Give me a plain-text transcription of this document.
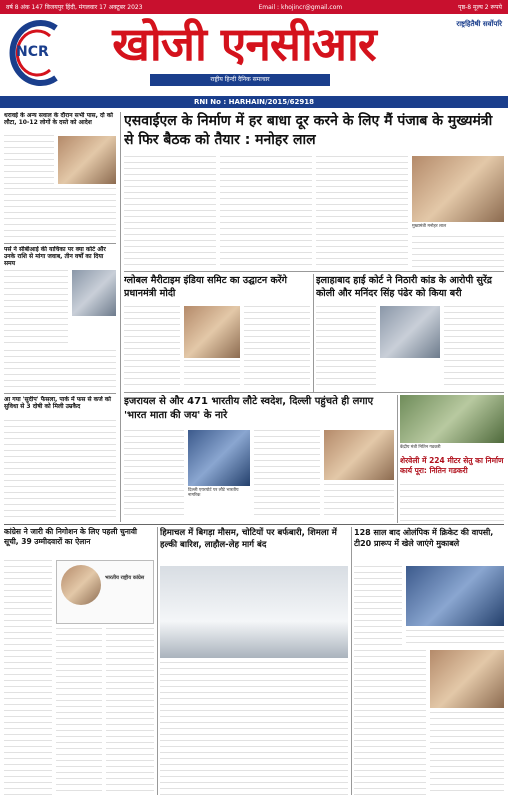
वर्ष 8 अंक 147 विजयपुर हिंदी, मंगलवार 17 अक्टूबर 2023	Email : khojincr@gmail.com	पृष्ठ-8 मूल्य 2 रूपये
NCR	खोजी एनसीआर	राष्ट्रहितैषी सर्वोपरि
राष्ट्रीय हिन्दी दैनिक समाचार
RNI No : HARHAIN/2015/62918
धरावई के अन्य सवाल के दौरान सभी पास, दो को लौटा, 10-12 लोगों के दस्ते को आदेश
पर्स ने सीबीआई की याचिका पर क्या कोर्ट और उनके राशि से मांगा जवाब, तीन वर्षों का दिया समय
आ गया 'सुदीप' फैसला, पार्क में फस से कर्ज को सुविधा से 3 दोषी को मिली उम्रकैद
एसवाईएल के निर्माण में हर बाधा दूर करने के लिए मैं पंजाब के मुख्यमंत्री से फिर बैठक को तैयार : मनोहर लाल
मुख्यमंत्री मनोहर लाल
ग्लोबल मैरीटाइम इंडिया समिट का उद्घाटन करेंगे प्रधानमंत्री मोदी
इलाहाबाद हाई कोर्ट ने निठारी कांड के आरोपी सुरेंद्र कोली और मनिंदर सिंह पंढेर को किया बरी
इजरायल से और 471 भारतीय लौटे स्वदेश, दिल्ली पहुंचते ही लगाए 'भारत माता की जय' के नारे
दिल्ली एयरपोर्ट पर लौटे भारतीय नागरिक
केंद्रीय मंत्री नितिन गडकरी
शेरवेली में 224 मीटर सेतु का निर्माण कार्य पूरा: नितिन गडकरी
कांग्रेस ने जारी की निगोशन के लिए पहली चुनावी सूची, 39 उम्मीदवारों का ऐलान
भारतीय राष्ट्रीय कांग्रेस
हिमाचल में बिगड़ा मौसम, चोटियों पर बर्फबारी, शिमला में हल्की बारिश, लाहौल-लेह मार्ग बंद
128 साल बाद ओलंपिक में क्रिकेट की वापसी, टी20 प्रारूप में खेले जाएंगे मुकाबले
